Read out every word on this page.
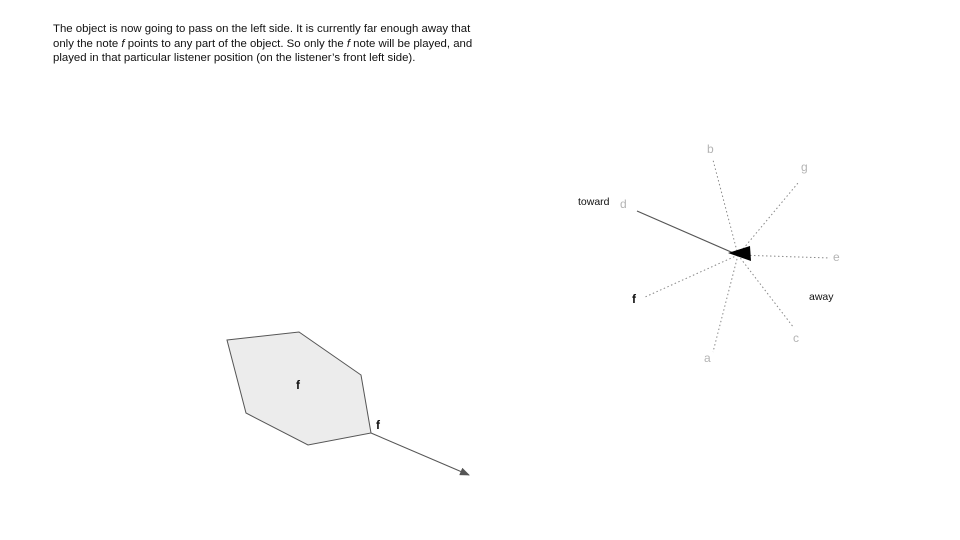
The object is now going to pass on the left side. It is currently far enough away that only the note f points to any part of the object. So only the f note will be played, and played in that particular listener position (on the listener’s front left side).

f
f
b
g
d
e
f
c
a
toward
away
